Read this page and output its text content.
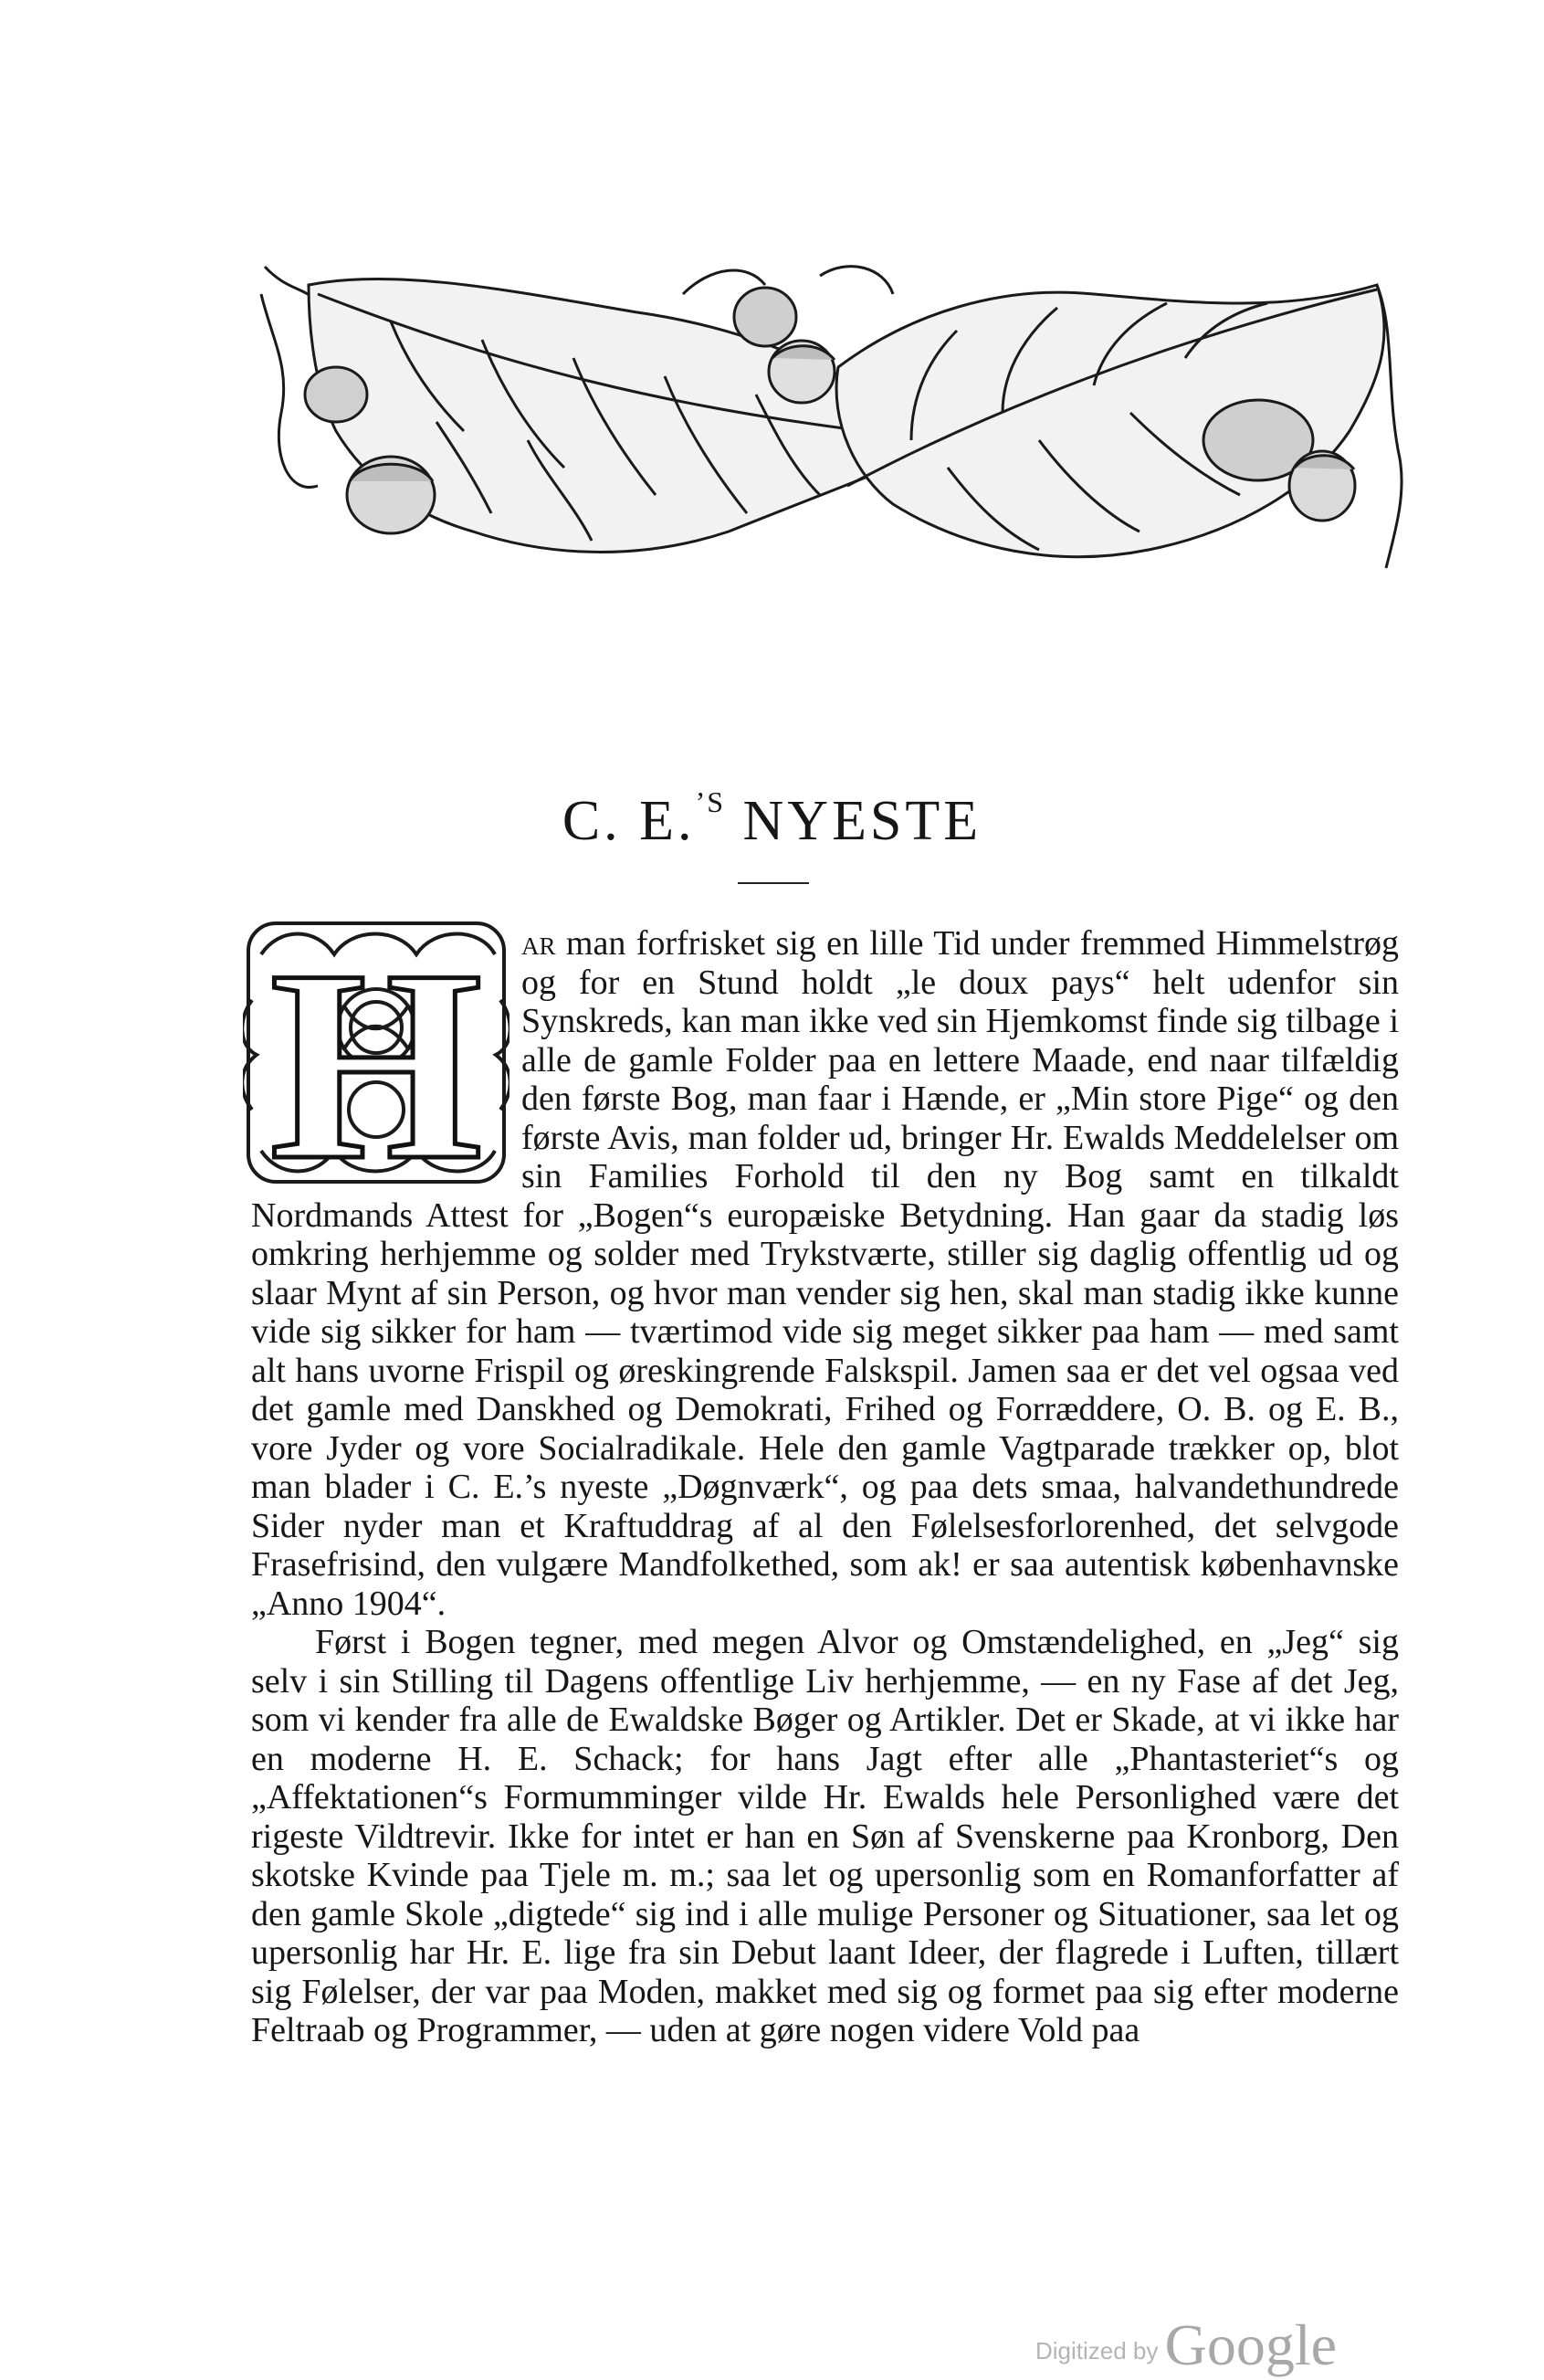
C. E.$^{’S}$ NYESTE
H	ar man forfrisket sig en lille Tid under fremmed Himmelstrøg og for en Stund holdt „le doux pays“ helt udenfor sin Synskreds, kan man ikke ved sin Hjemkomst finde sig tilbage i alle de gamle Folder paa en lettere Maade, end naar tilfældig den første Bog, man faar i Hænde, er „Min store Pige“ og den første Avis, man folder ud, bringer Hr. Ewalds Meddelelser om sin Families Forhold til den ny Bog samt en tilkaldt Nordmands Attest for „Bogen“s europæiske Betydning. Han gaar da stadig løs omkring herhjemme og solder med Trykstværte, stiller sig daglig offentlig ud og slaar Mynt af sin Person, og hvor man vender sig hen, skal man stadig ikke kunne vide sig sikker for ham — tværtimod vide sig meget sikker paa ham — med samt alt hans uvorne Frispil og øreskingrende Falskspil. Jamen saa er det vel ogsaa ved det gamle med Danskhed og Demokrati, Frihed og Forræddere, O. B. og E. B., vore Jyder og vore Socialradikale. Hele den gamle Vagtparade trækker op, blot man blader i C. E.’s nyeste „Døgnværk“, og paa dets smaa, halvandethundrede Sider nyder man et Kraftuddrag af al den Følelsesforlorenhed, det selvgode Frasefrisind, den vulgære Mandfolkethed, som ak! er saa autentisk københavnske „Anno 1904“.

Først i Bogen tegner, med megen Alvor og Omstændelighed, en „Jeg“ sig selv i sin Stilling til Dagens offentlige Liv herhjemme, — en ny Fase af det Jeg, som vi kender fra alle de Ewaldske Bøger og Artikler. Det er Skade, at vi ikke har en moderne H. E. Schack; for hans Jagt efter alle „Phantasteriet“s og „Affektationen“s Formumminger vilde Hr. Ewalds hele Personlighed være det rigeste Vildtrevir. Ikke for intet er han en Søn af Svenskerne paa Kronborg, Den skotske Kvinde paa Tjele m. m.; saa let og upersonlig som en Romanforfatter af den gamle Skole „digtede“ sig ind i alle mulige Personer og Situationer, saa let og upersonlig har Hr. E. lige fra sin Debut laant Ideer, der flagrede i Luften, tillært sig Følelser, der var paa Moden, makket med sig og formet paa sig efter moderne Feltraab og Programmer, — uden at gøre nogen videre Vold paa

Digitized by Google
